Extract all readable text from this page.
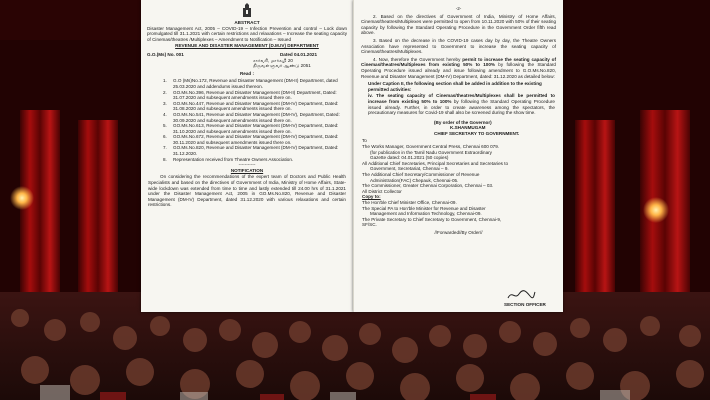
ABSTRACT
Disaster Management Act, 2005 – COVID-19 – Infection Prevention and control – Lock down promulgated till 31.1.2021 with certain restrictions and relaxations – Increase the seating capacity of Cinemas/theatres /Multiplexes – Amendment to Notification – Issued
REVENUE AND DISASTER MANAGEMENT (D.M.IV) DEPARTMENT
G.O.(Ms) No. 001	Dated 04.01.2021
சார்வரி, மார்கழி 20
திருவள்ளுவர் ஆண்டு 2051
Read :
1.	G.O (Ms)No.172, Revenue and Disaster Management (DM-II) Department, dated 25.03.2020 and addendums issued thereon.
2.	GO.Ms.No.396, Revenue and Disaster Management (DM-II) Department, Dated: 31.07.2020 and subsequent amendments issued there on.
3.	GO.Ms.No.447, Revenue and Disaster Management (DM-IV) Department, Dated: 31.08.2020 and subsequent amendments issued there on.
4.	GO.Ms.No.541, Revenue and Disaster Management (DM-IV), Department, Dated: 30.09.2020 and subsequent amendments issued there on.
5.	GO.Ms.No.613, Revenue and Disaster Management (DM-IV) Department, Dated: 31.10.2020 and subsequent amendments issued there on.
6.	GO.Ms.No.672, Revenue and Disaster Management (DM-IV) Department, Dated: 30.11.2020 and subsequent amendments issued there on.
7.	GO.Ms.No.820, Revenue and Disaster Management (DM-IV) Department, Dated: 31.12.2020.
8.	Representation received from Theatre Owners Association.
-----------
NOTIFICATION
On considering the recommendations of the expert team of Doctors and Public Health Specialists and based on the directives of Government of India, Ministry of Home Affairs, State-wide lockdown was extended from time to time and lastly extended till 24.00 hrs of 31.1.2021 under the Disaster Management Act, 2005 in GO.Ms.No.820, Revenue and Disaster Management (DM-IV) Department, dated 31.12.2020 with various relaxations and certain restrictions.
-2-
2. Based on the directives of Government of India, Ministry of Home Affairs, Cinemas/theatres/Multiplexes were permitted to open from 10.11.2020 with 50% of their seating capacity by following the Standard Operating Procedure in the Government Order fifth read above.
3. Based on the decrease in the COVID-19 cases day by day, the Theatre Owners Association have represented to Government to increase the seating capacity of Cinemas/theatres/Multiplexes.
4. Now, therefore the Government hereby permit to increase the seating capacity of Cinemas/theatres/Multiplexes from existing 50% to 100% by following the Standard Operating Procedure issued already and issue following amendment to G.O.Ms.No.820, Revenue and Disaster Management (DM-IV) Department, dated: 31.12.2020 as detailed below:
Under Caption II, the following section shall be added in addition to the existing permitted activities:
iv. The seating capacity of Cinemas/theatres/Multiplexes shall be permitted to increase from existing 50% to 100% by following the Standard Operating Procedure issued already. Further, in order to create awareness among the spectators, the precautionary measures for Covid-19 shall also be screened during the show time.
(By order of the Governor)
K.SHANMUGAM
CHIEF SECRETARY TO GOVERNMENT.
To
The Works Manager, Government Central Press, Chennai 600 079.
(for publication in the Tamil Nadu Government Extraordinary
Gazette dated: 04.01.2021 (50 copies)
All Additional Chief Secretaries, Principal Secretaries and Secretaries to
Government, Secretariat, Chennai – 9.
The Additional Chief Secretary/Commissioner of Revenue
Administration(FAC) Chepauk, Chennai-05.
The Commissioner, Greater Chennai Corporation, Chennai – 03.
All District Collector
Copy to:
The Hon'ble Chief Minister Office, Chennai-09.
The Special PA to Hon'ble Minister for Revenue and Disaster
Management and Information Technology, Chennai-09.
The Private Secretary to Chief Secretary to Government, Chennai-9,
SF/SC.
//Forwarded//By Order//
SECTION OFFICER
